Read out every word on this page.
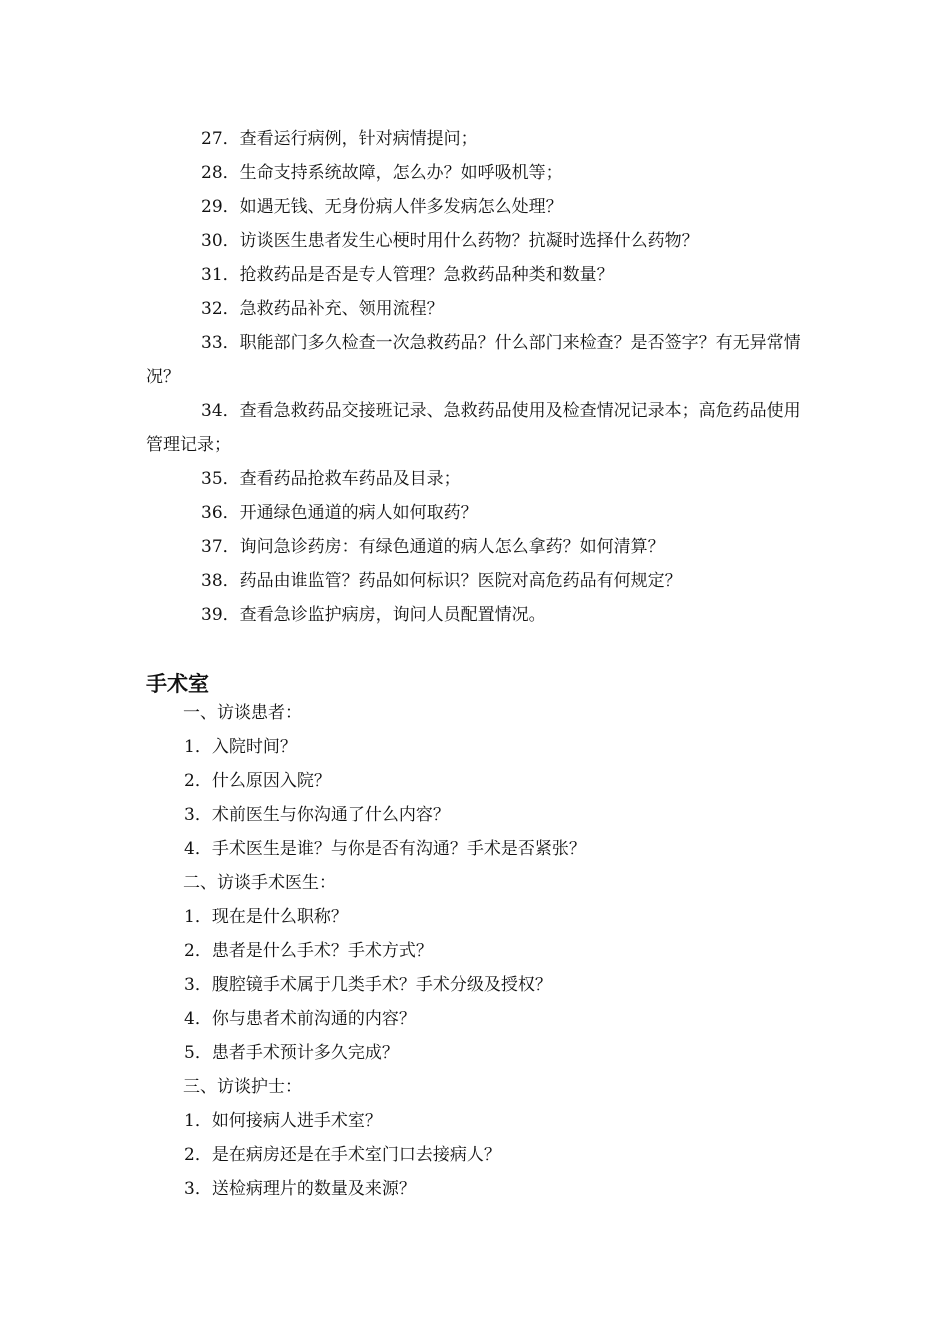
27．查看运行病例，针对病情提问；
28．生命支持系统故障，怎么办？如呼吸机等；
29．如遇无钱、无身份病人伴多发病怎么处理？
30．访谈医生患者发生心梗时用什么药物？抗凝时选择什么药物？
31．抢救药品是否是专人管理？急救药品种类和数量？
32．急救药品补充、领用流程？
33．职能部门多久检查一次急救药品？什么部门来检查？是否签字？有无异常情况？
34．查看急救药品交接班记录、急救药品使用及检查情况记录本；高危药品使用管理记录；
35．查看药品抢救车药品及目录；
36．开通绿色通道的病人如何取药？
37．询问急诊药房：有绿色通道的病人怎么拿药？如何清算？
38．药品由谁监管？药品如何标识？医院对高危药品有何规定？
39．查看急诊监护病房，询问人员配置情况。
手术室
一、访谈患者：
1．入院时间？
2．什么原因入院？
3．术前医生与你沟通了什么内容？
4．手术医生是谁？与你是否有沟通？手术是否紧张？
二、访谈手术医生：
1．现在是什么职称？
2．患者是什么手术？手术方式？
3．腹腔镜手术属于几类手术？手术分级及授权？
4．你与患者术前沟通的内容？
5．患者手术预计多久完成？
三、访谈护士：
1．如何接病人进手术室？
2．是在病房还是在手术室门口去接病人？
3．送检病理片的数量及来源？
